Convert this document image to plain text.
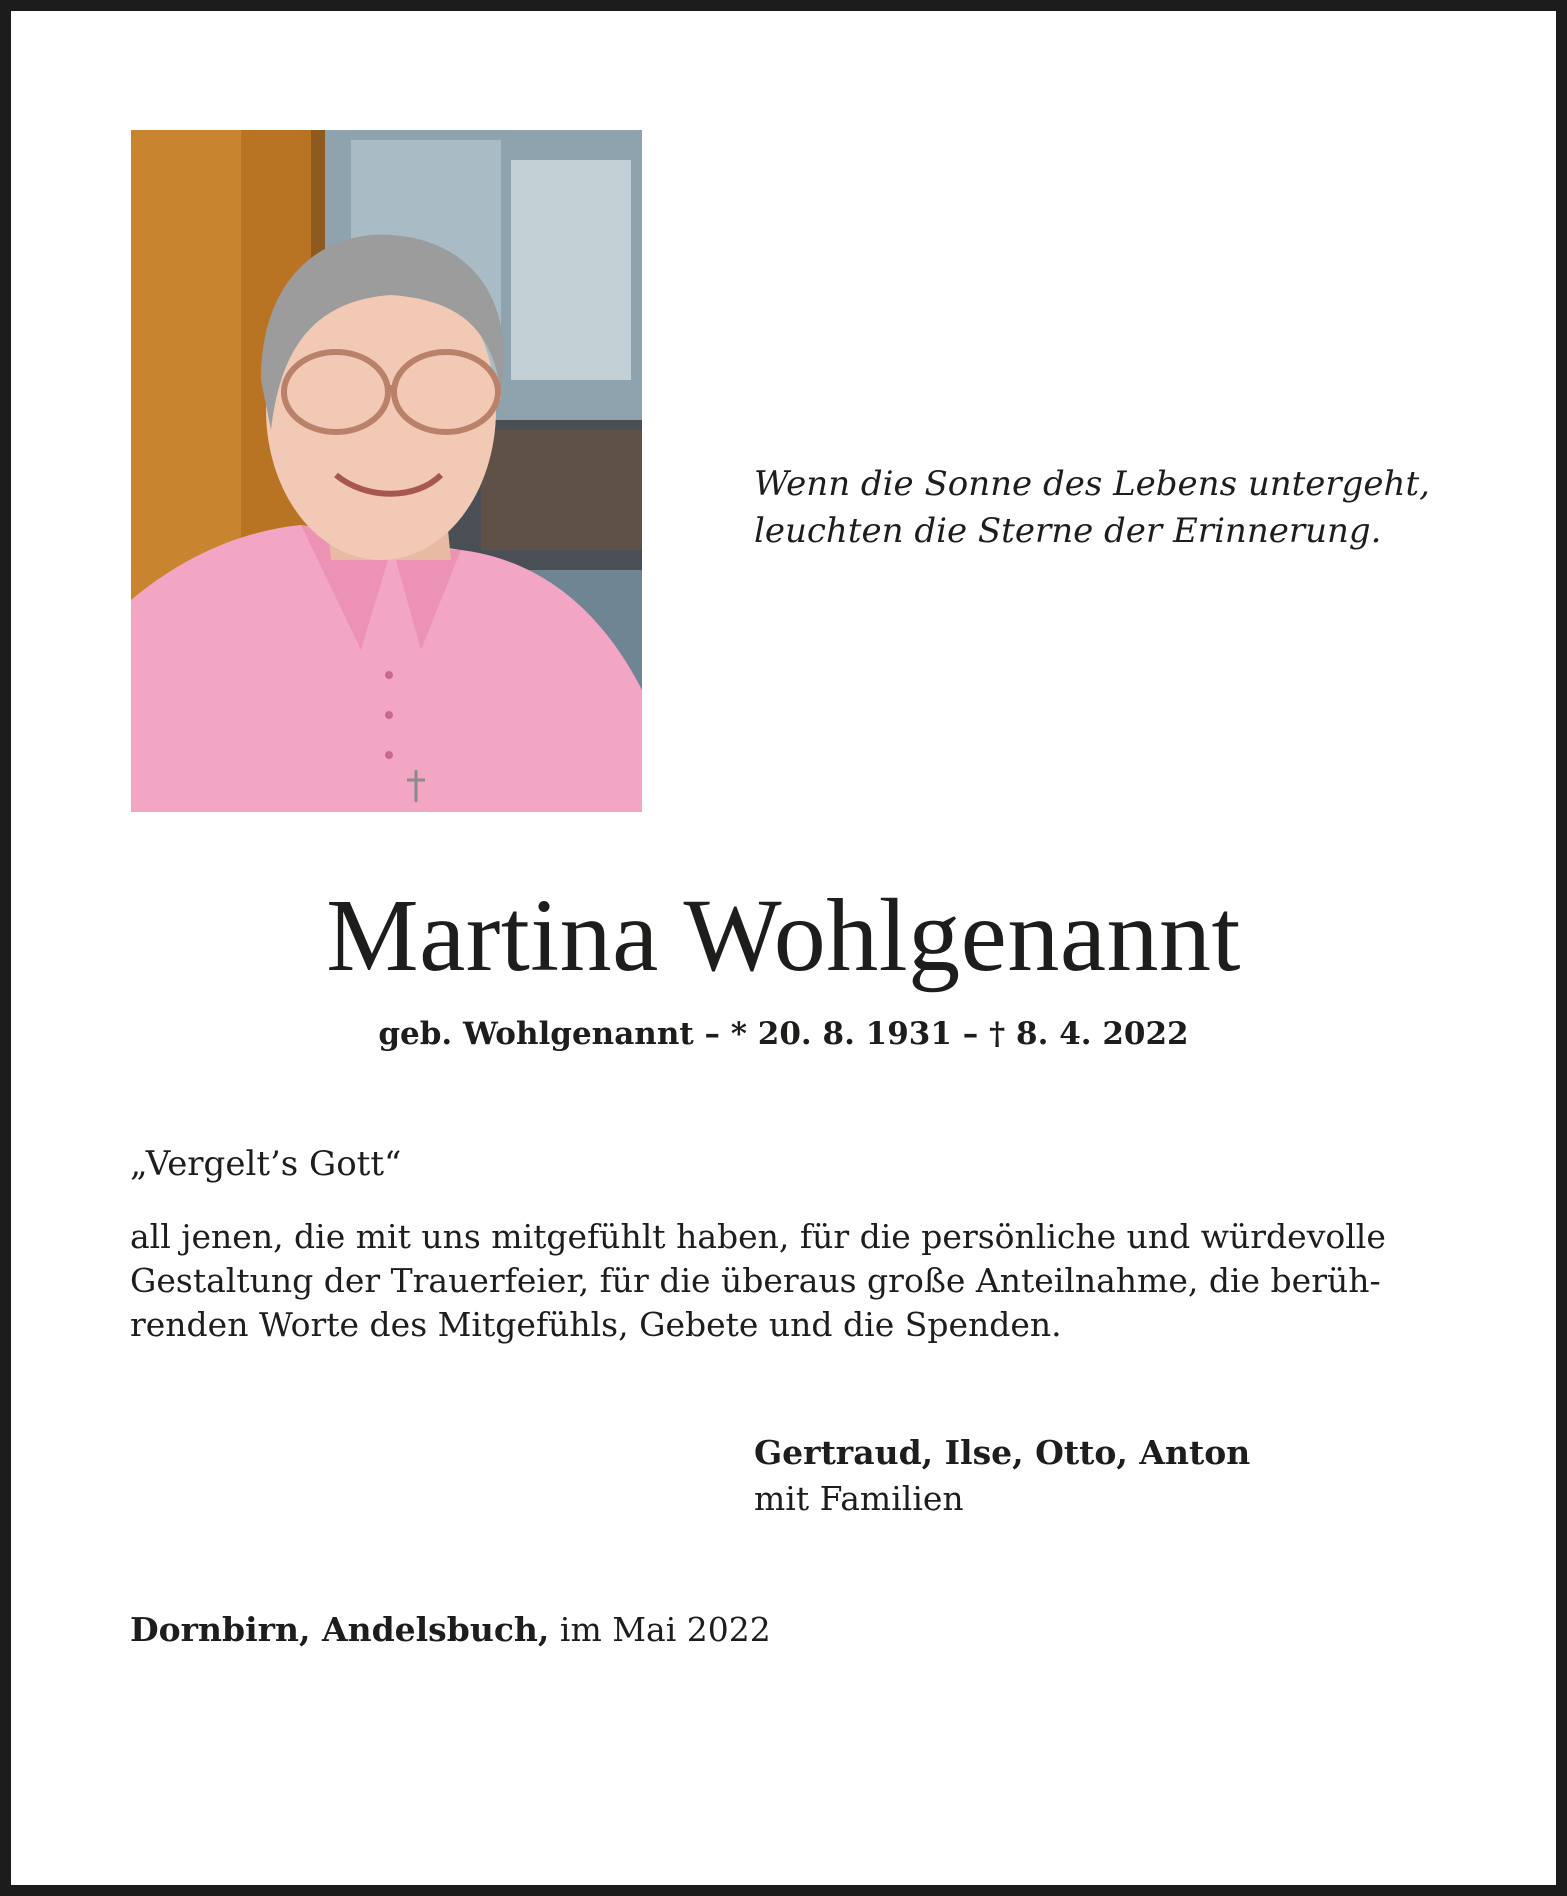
Wenn die Sonne des Lebens untergeht,
leuchten die Sterne der Erinnerung.
Martina Wohlgenannt
geb. Wohlgenannt – * 20. 8. 1931 – † 8. 4. 2022
„Vergelt’s Gott“
all jenen, die mit uns mitgefühlt haben, für die persönliche und würdevolle
Gestaltung der Trauerfeier, für die überaus große Anteilnahme, die berüh-
renden Worte des Mitgefühls, Gebete und die Spenden.
Gertraud, Ilse, Otto, Anton
mit Familien
Dornbirn, Andelsbuch, im Mai 2022
